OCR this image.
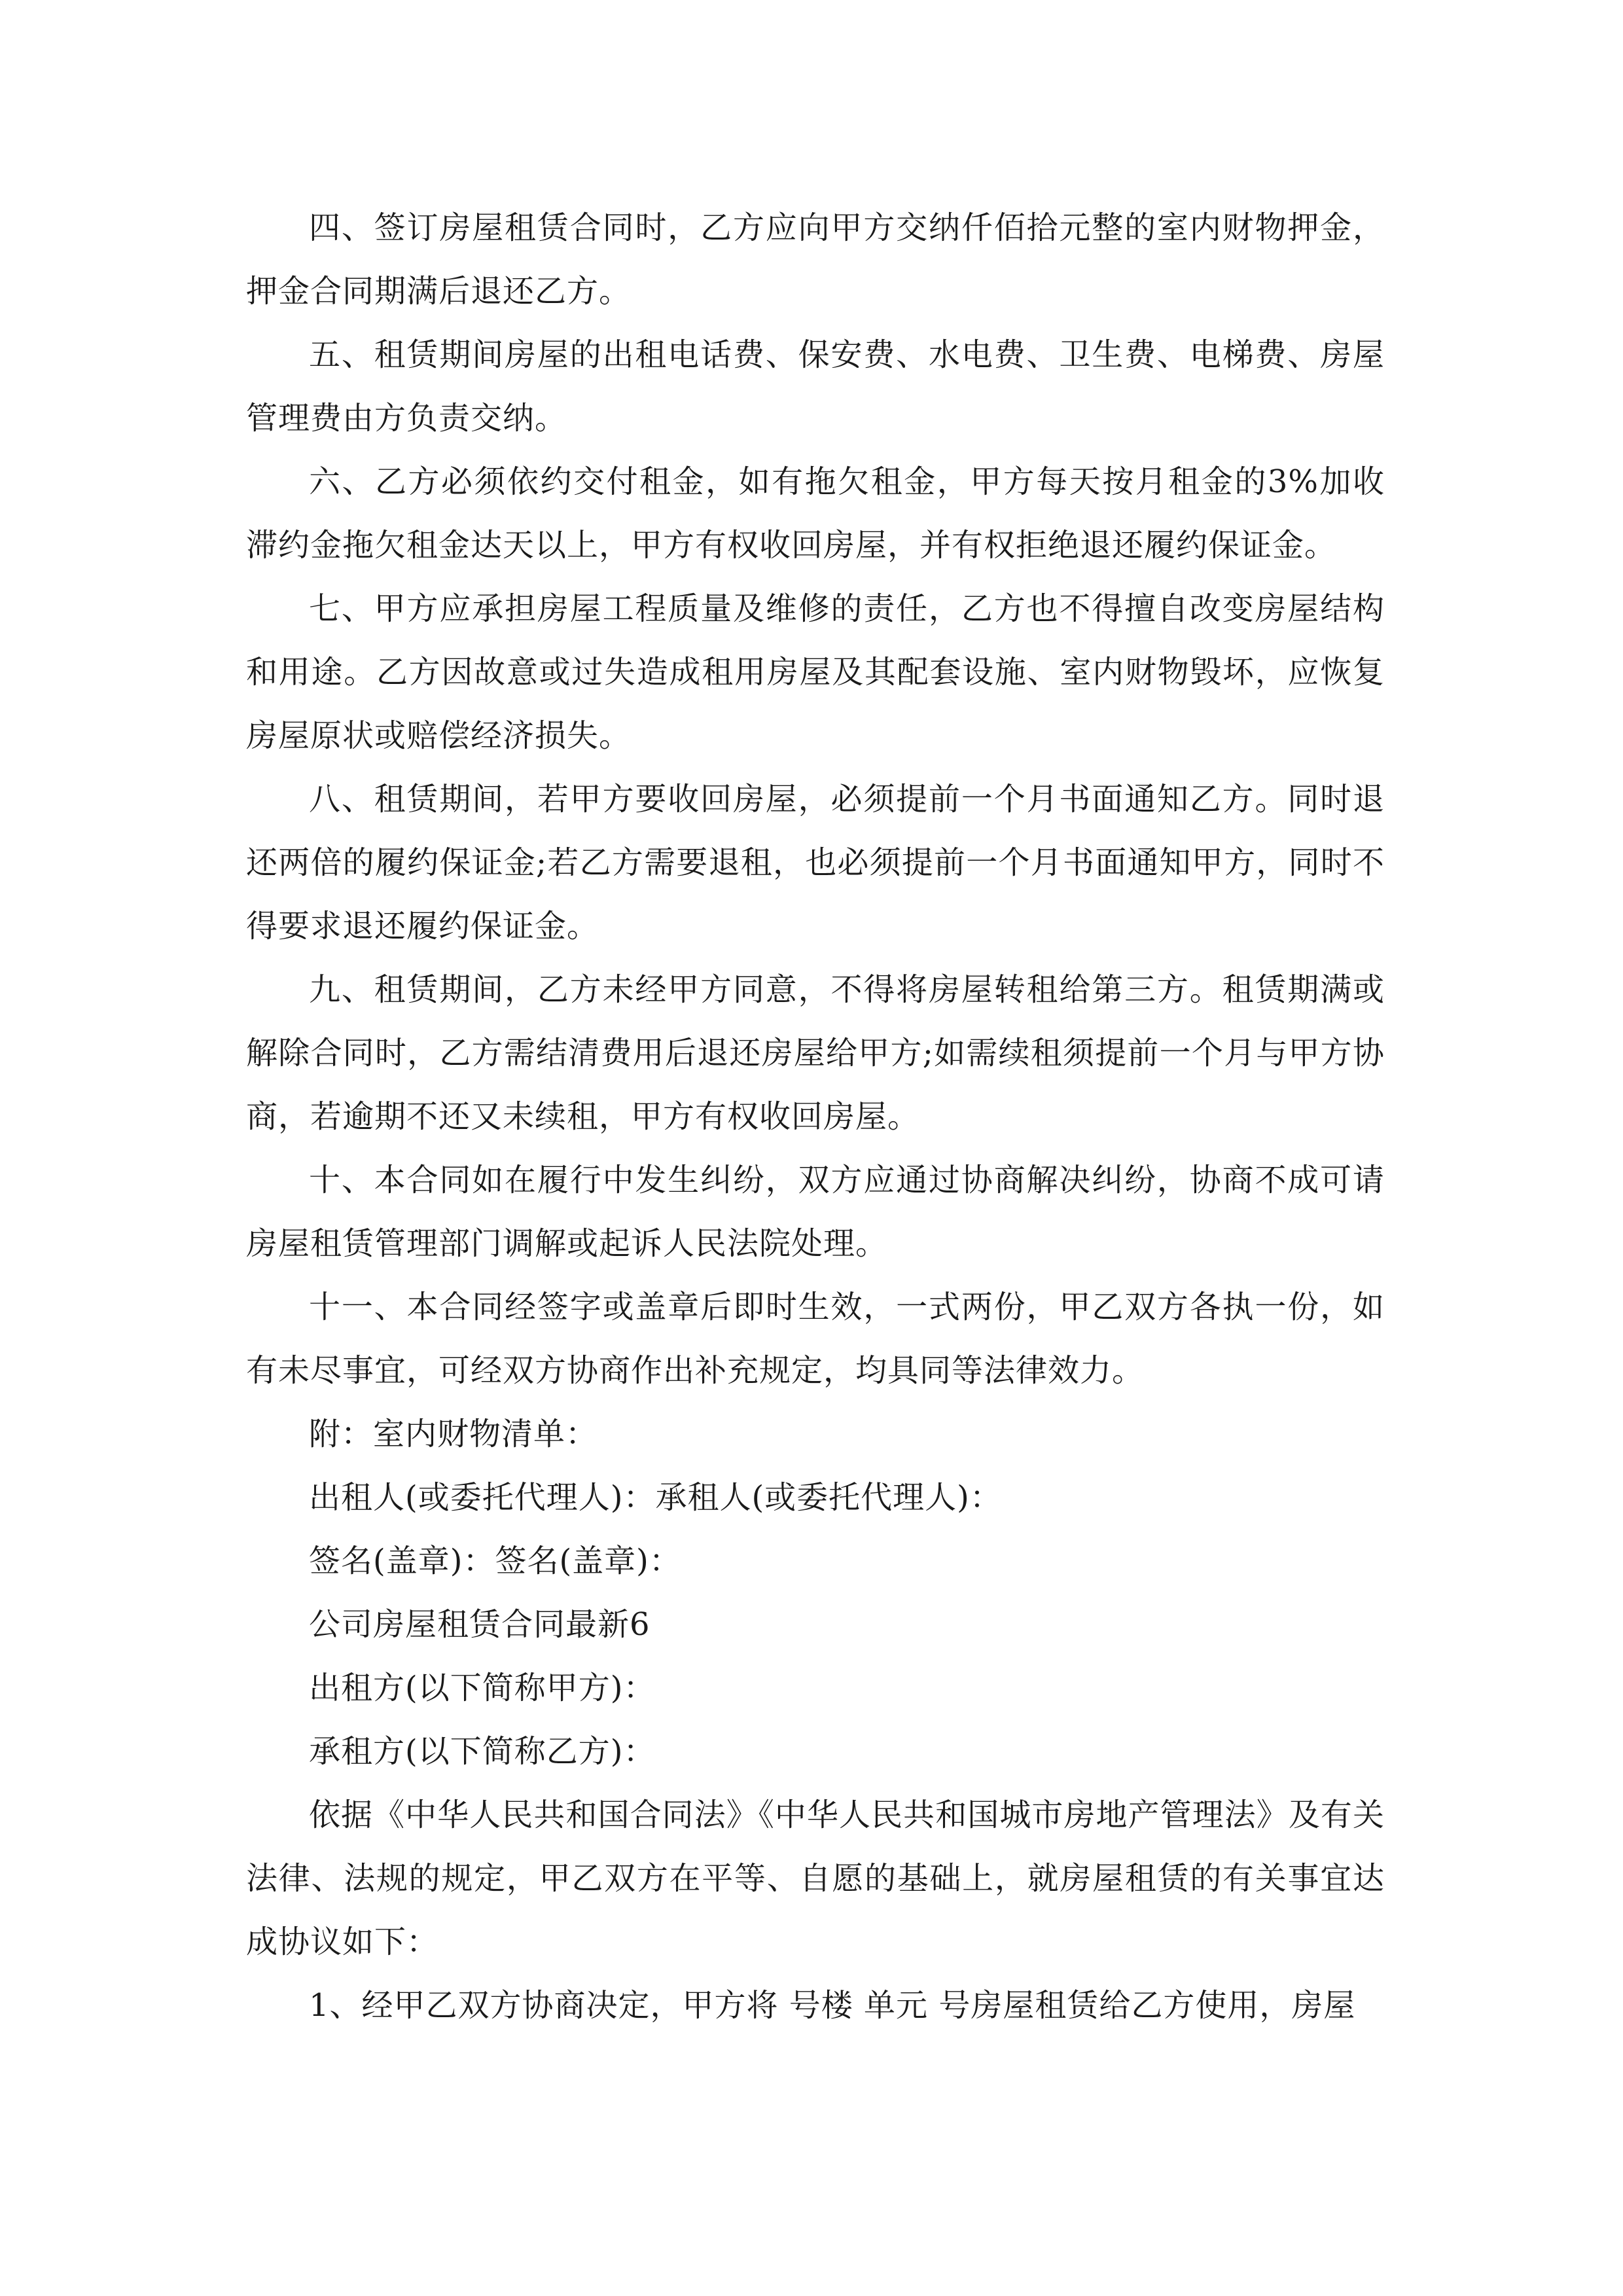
四、签订房屋租赁合同时，乙方应向甲方交纳仟佰拾元整的室内财物押金，押金合同期满后退还乙方。

五、租赁期间房屋的出租电话费、保安费、水电费、卫生费、电梯费、房屋管理费由方负责交纳。

六、乙方必须依约交付租金，如有拖欠租金，甲方每天按月租金的3%加收滞约金拖欠租金达天以上，甲方有权收回房屋，并有权拒绝退还履约保证金。

七、甲方应承担房屋工程质量及维修的责任，乙方也不得擅自改变房屋结构和用途。乙方因故意或过失造成租用房屋及其配套设施、室内财物毁坏，应恢复房屋原状或赔偿经济损失。

八、租赁期间，若甲方要收回房屋，必须提前一个月书面通知乙方。同时退还两倍的履约保证金;若乙方需要退租，也必须提前一个月书面通知甲方，同时不得要求退还履约保证金。

九、租赁期间，乙方未经甲方同意，不得将房屋转租给第三方。租赁期满或解除合同时，乙方需结清费用后退还房屋给甲方;如需续租须提前一个月与甲方协商，若逾期不还又未续租，甲方有权收回房屋。

十、本合同如在履行中发生纠纷，双方应通过协商解决纠纷，协商不成可请房屋租赁管理部门调解或起诉人民法院处理。

十一、本合同经签字或盖章后即时生效，一式两份，甲乙双方各执一份，如有未尽事宜，可经双方协商作出补充规定，均具同等法律效力。

附：室内财物清单：

出租人(或委托代理人)：承租人(或委托代理人)：

签名(盖章)：签名(盖章)：

公司房屋租赁合同最新6

出租方(以下简称甲方)：

承租方(以下简称乙方)：

依据《中华人民共和国合同法》《中华人民共和国城市房地产管理法》及有关法律、法规的规定，甲乙双方在平等、自愿的基础上，就房屋租赁的有关事宜达成协议如下：

1、经甲乙双方协商决定，甲方将 号楼 单元 号房屋租赁给乙方使用，房屋
